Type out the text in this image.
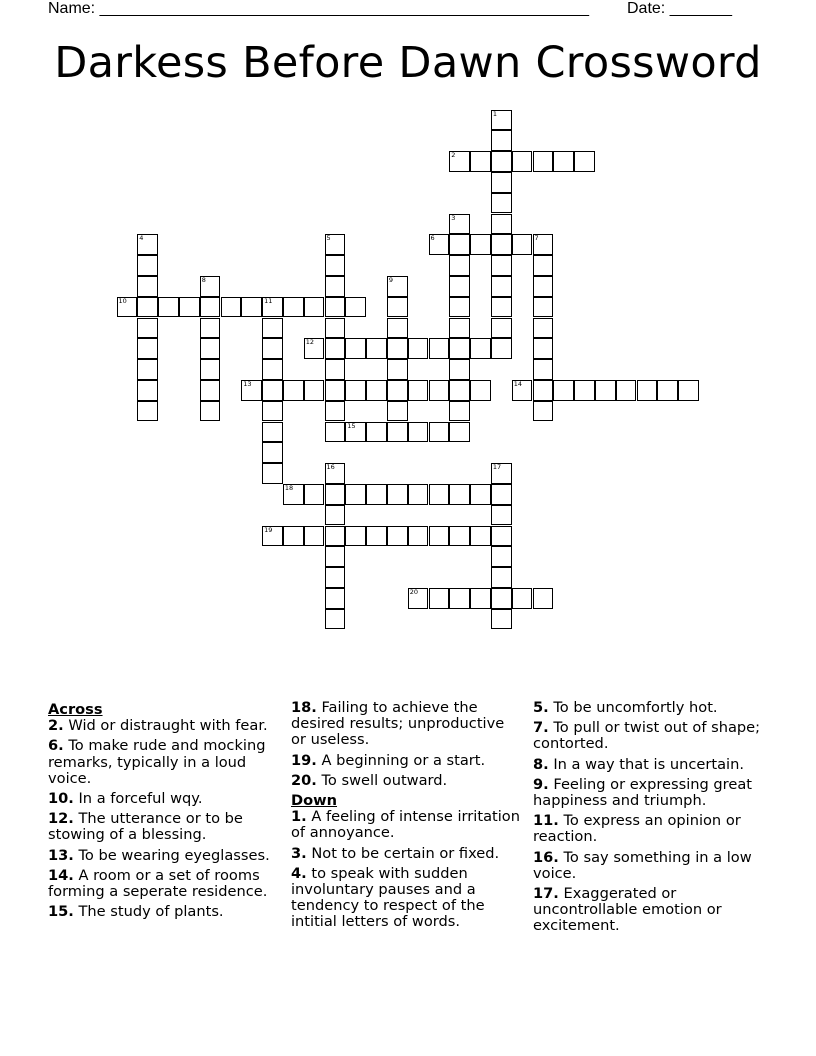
Name: _______________________________________________________ Date: _______
Darkess Before Dawn Crossword
1
2
3
4	5	6	7
8	9
10	11
12
13	14
15
16	17
18
19
20
Across
2. Wid or distraught with fear.
6. To make rude and mocking remarks, typically in a loud voice.
10. In a forceful wqy.
12. The utterance or to be stowing of a blessing.
13. To be wearing eyeglasses.
14. A room or a set of rooms forming a seperate residence.
15. The study of plants.
18. Failing to achieve the desired results; unproductive or useless.
19. A beginning or a start.
20. To swell outward.
Down
1. A feeling of intense irritation of annoyance.
3. Not to be certain or fixed.
4. to speak with sudden involuntary pauses and a tendency to respect of the intitial letters of words.
5. To be uncomfortly hot.
7. To pull or twist out of shape; contorted.
8. In a way that is uncertain.
9. Feeling or expressing great happiness and triumph.
11. To express an opinion or reaction.
16. To say something in a low voice.
17. Exaggerated or uncontrollable emotion or excitement.
